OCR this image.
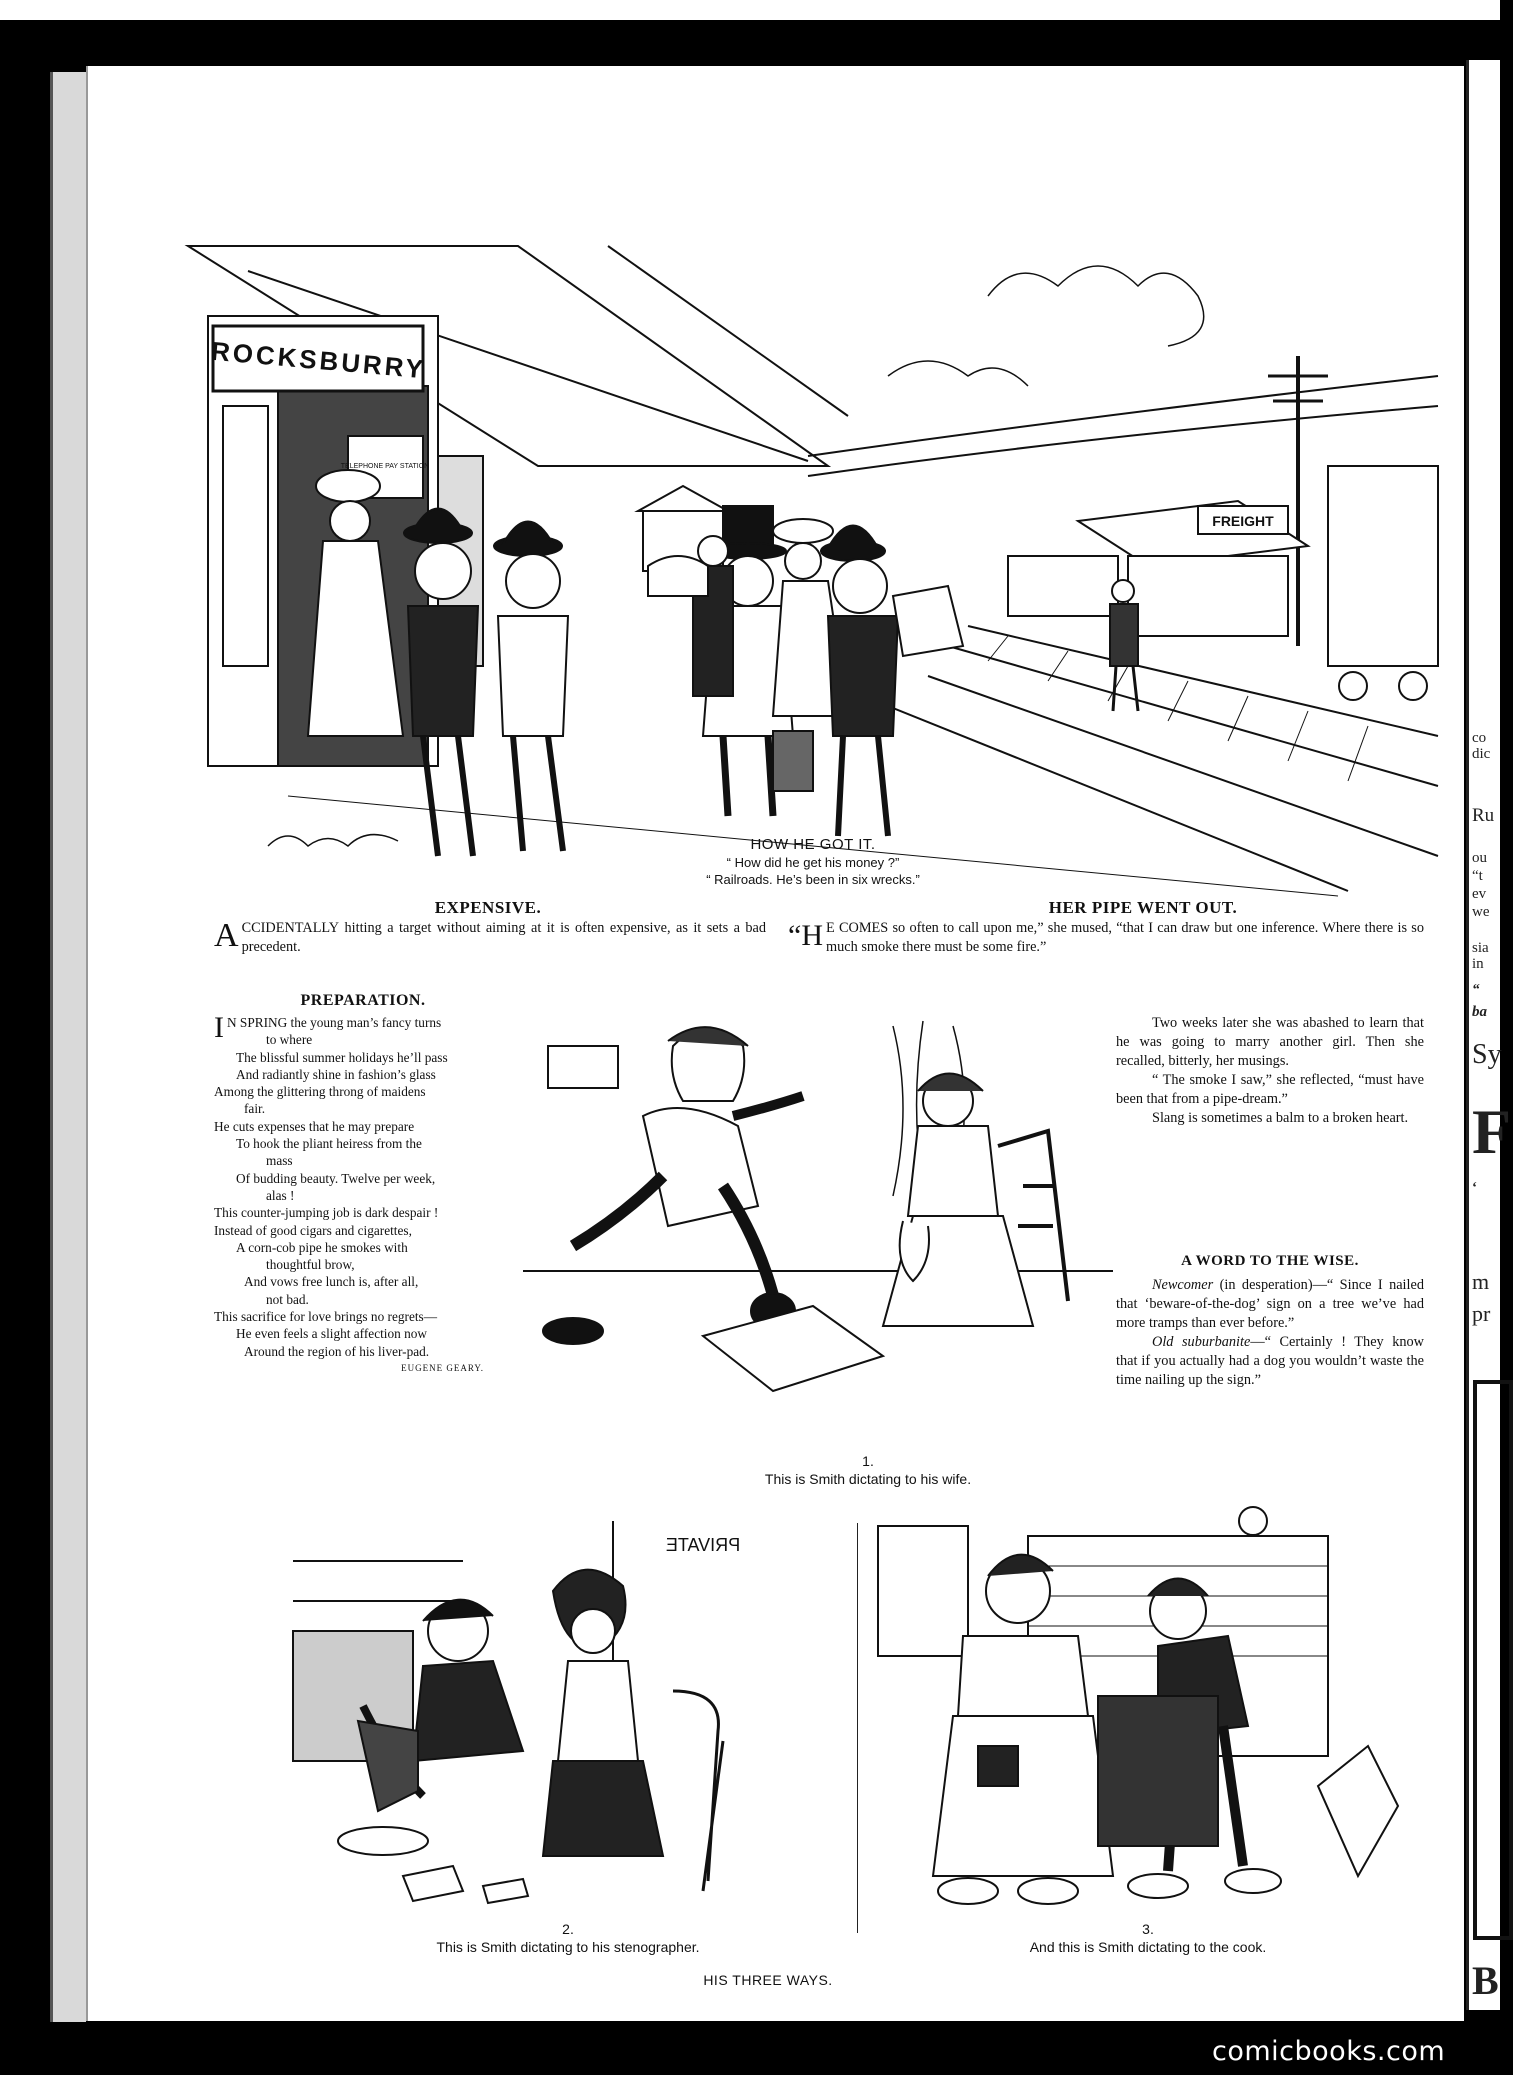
ROCKSBURRY
TELEPHONE PAY STATION
FREIGHT
HOW HE GOT IT.
“ How did he get his money ?”
“ Railroads. He’s been in six wrecks.”
EXPENSIVE.
ACCIDENTALLY hitting a target without aiming at it is often expensive, as it sets a bad precedent.
PREPARATION.
I N SPRING the young man’s fancy turns
to where
The blissful summer holidays he’ll pass
And radiantly shine in fashion’s glass
Among the glittering throng of maidens
fair.
He cuts expenses that he may prepare
To hook the pliant heiress from the
mass
Of budding beauty. Twelve per week,
alas !
This counter-jumping job is dark despair !
Instead of good cigars and cigarettes,
A corn-cob pipe he smokes with
thoughtful brow,
And vows free lunch is, after all,
not bad.
This sacrifice for love brings no regrets—
He even feels a slight affection now
Around the region of his liver-pad.
EUGENE GEARY.
HER PIPE WENT OUT.
“H E COMES so often to call upon me,” she mused, “that I can draw but one inference. Where there is so much smoke there must be some fire.”

Two weeks later she was abashed to learn that he was going to marry another girl. Then she recalled, bitterly, her musings.

“ The smoke I saw,” she reflected, “must have been that from a pipe-dream.”

Slang is sometimes a balm to a broken heart.

A WORD TO THE WISE.

Newcomer (in desperation)—“ Since I nailed that ‘beware-of-the-dog’ sign on a tree we’ve had more tramps than ever before.”

Old suburbanite—“ Certainly ! They know that if you actually had a dog you wouldn’t waste the time nailing up the sign.”

1.
This is Smith dictating to his wife.
PRIVATE
2.
This is Smith dictating to his stenographer.
3.
And this is Smith dictating to the cook.
HIS THREE WAYS.
co
dic
Ru
ou
“t
ev
we
sia
in
“
ba
Sy
F
‘
m
pr
B
comicbooks.com
